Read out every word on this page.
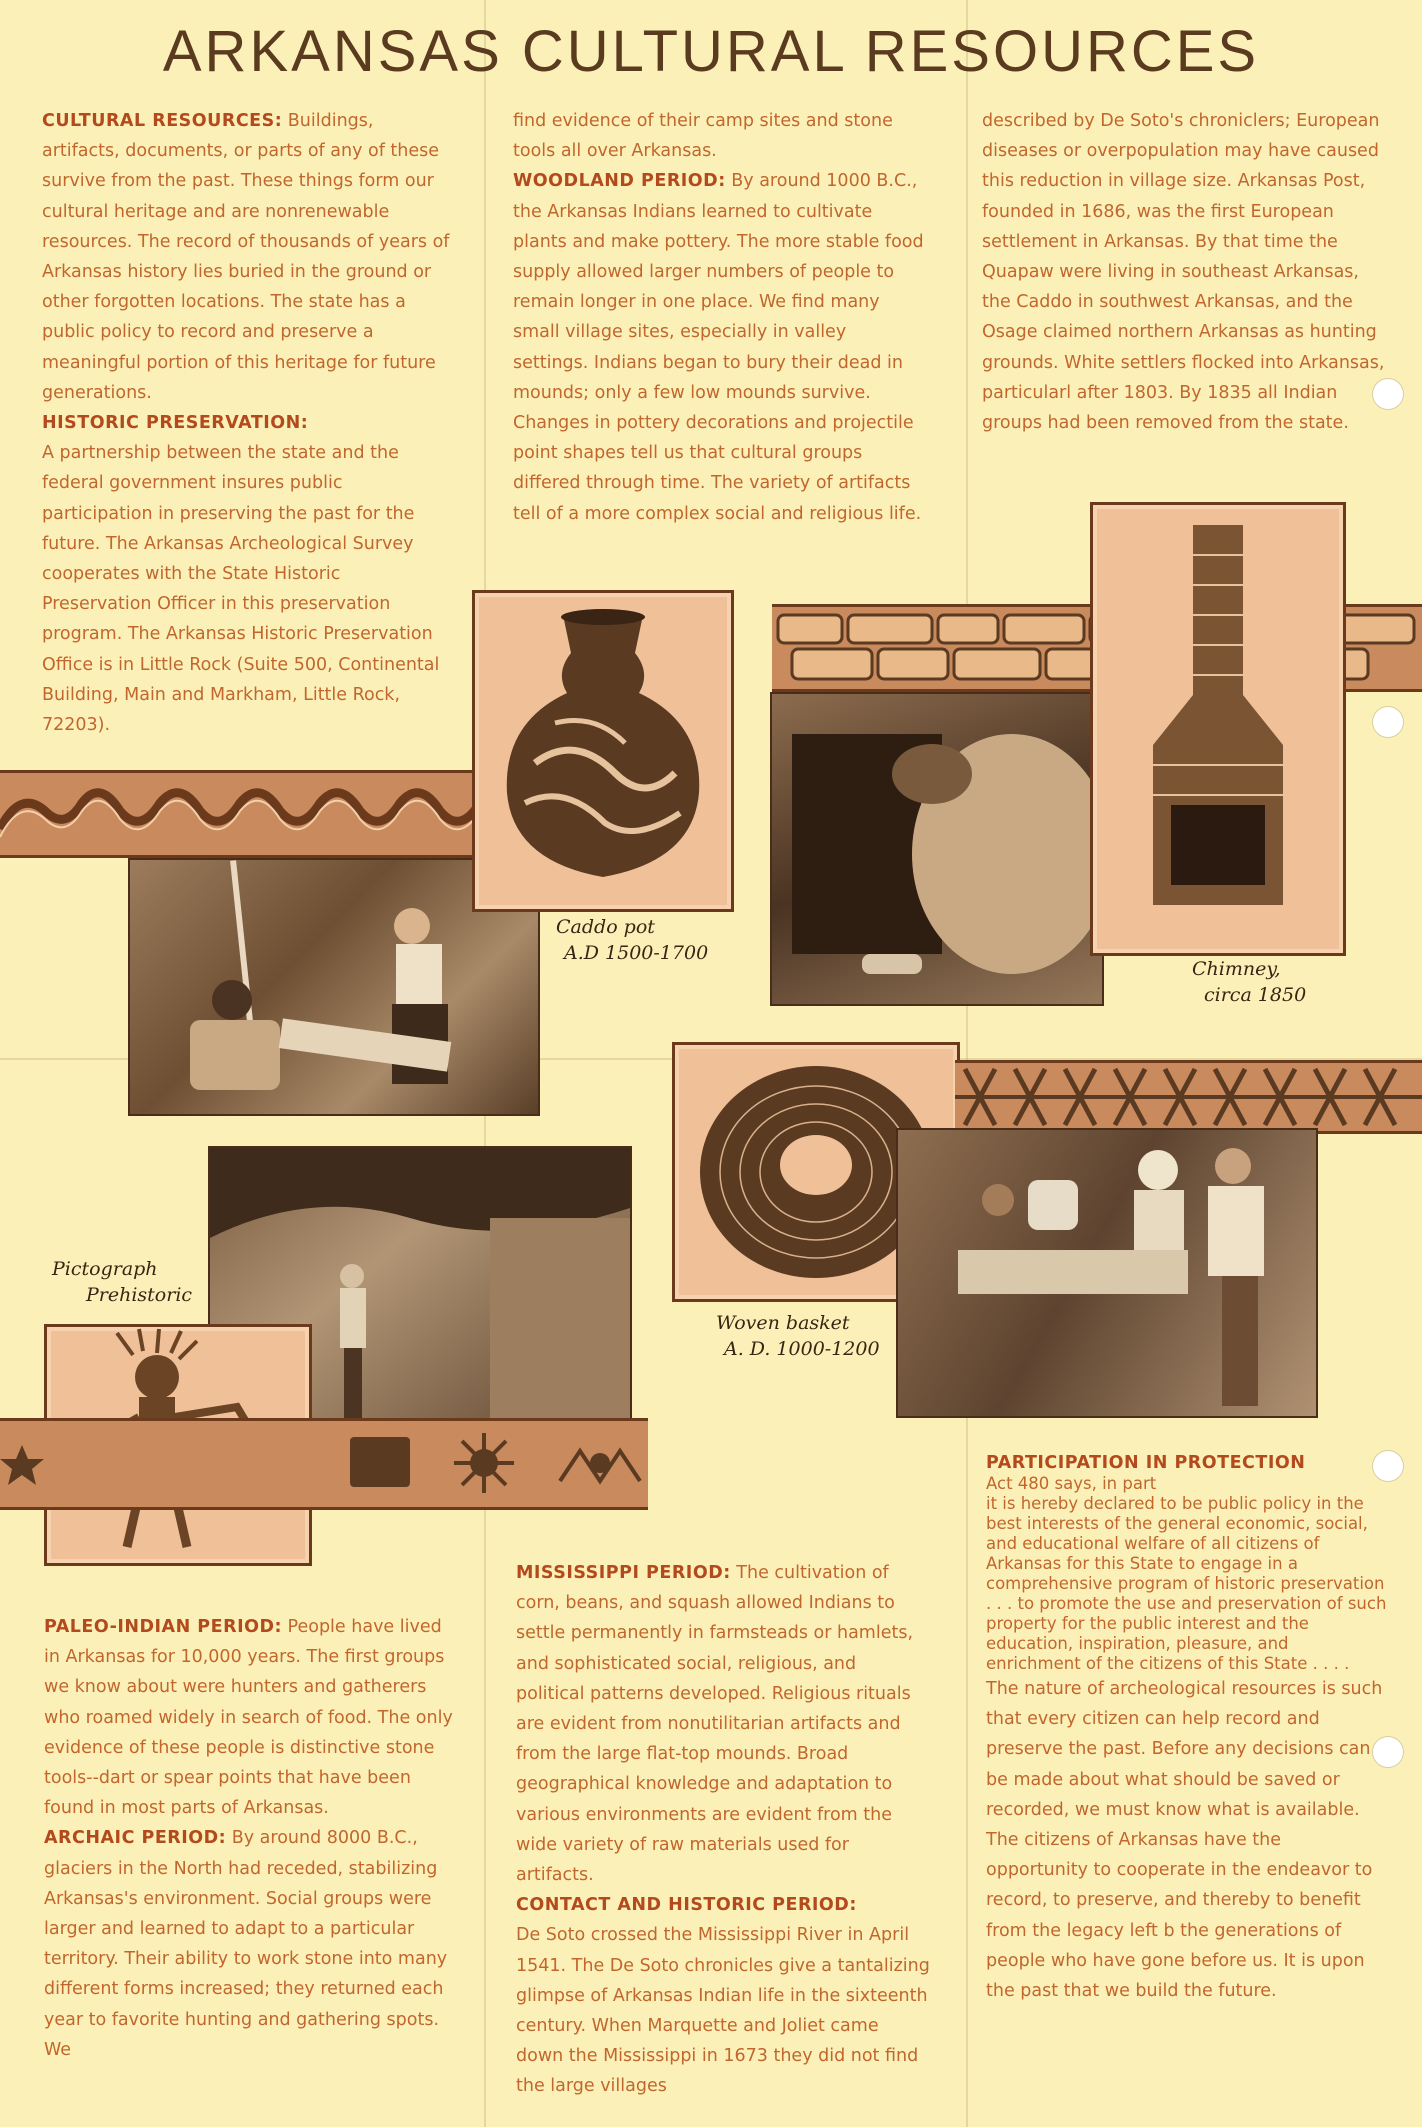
ARKANSAS CULTURAL RESOURCES

CULTURAL RESOURCES: Buildings, artifacts, documents, or parts of any of these survive from the past. These things form our cultural heritage and are nonrenewable resources. The record of thousands of years of Arkansas history lies buried in the ground or other forgotten locations. The state has a public policy to record and preserve a meaningful portion of this heritage for future generations.

HISTORIC PRESERVATION:

A partnership between the state and the federal government insures public participation in preserving the past for the future. The Arkansas Archeological Survey cooperates with the State Historic Preservation Officer in this preservation program. The Arkansas Historic Preservation Office is in Little Rock (Suite 500, Continental Building, Main and Markham, Little Rock, 72203).

find evidence of their camp sites and stone tools all over Arkansas.

WOODLAND PERIOD: By around 1000 B.C., the Arkansas Indians learned to cultivate plants and make pottery. The more stable food supply allowed larger numbers of people to remain longer in one place. We find many small village sites, especially in valley settings. Indians began to bury their dead in mounds; only a few low mounds survive. Changes in pottery decorations and projectile point shapes tell us that cultural groups differed through time. The variety of artifacts tell of a more complex social and religious life.

described by De Soto's chroniclers; European diseases or overpopulation may have caused this reduction in village size. Arkansas Post, founded in 1686, was the first European settlement in Arkansas. By that time the Quapaw were living in southeast Arkansas, the Caddo in southwest Arkansas, and the Osage claimed northern Arkansas as hunting grounds. White settlers flocked into Arkansas, particularl after 1803. By 1835 all Indian groups had been removed from the state.

Caddo pot
A.D 1500-1700
Chimney,
circa 1850
Woven basket
A. D. 1000-1200
Pictograph
Prehistoric

PALEO-INDIAN PERIOD: People have lived in Arkansas for 10,000 years. The first groups we know about were hunters and gatherers who roamed widely in search of food. The only evidence of these people is distinctive stone tools--dart or spear points that have been found in most parts of Arkansas.

ARCHAIC PERIOD: By around 8000 B.C., glaciers in the North had receded, stabilizing Arkansas's environment. Social groups were larger and learned to adapt to a particular territory. Their ability to work stone into many different forms increased; they returned each year to favorite hunting and gathering spots. We

MISSISSIPPI PERIOD: The cultivation of corn, beans, and squash allowed Indians to settle permanently in farmsteads or hamlets, and sophisticated social, religious, and political patterns developed. Religious rituals are evident from nonutilitarian artifacts and from the large flat-top mounds. Broad geographical knowledge and adaptation to various environments are evident from the wide variety of raw materials used for artifacts.

CONTACT AND HISTORIC PERIOD:

De Soto crossed the Mississippi River in April 1541. The De Soto chronicles give a tantalizing glimpse of Arkansas Indian life in the sixteenth century. When Marquette and Joliet came down the Mississippi in 1673 they did not find the large villages

PARTICIPATION IN PROTECTION

Act 480 says, in part

it is hereby declared to be public policy in the best interests of the general economic, social, and educational welfare of all citizens of Arkansas for this State to engage in a comprehensive program of historic preservation . . . to promote the use and preservation of such property for the public interest and the education, inspiration, pleasure, and enrichment of the citizens of this State . . . .

The nature of archeological resources is such that every citizen can help record and preserve the past. Before any decisions can be made about what should be saved or recorded, we must know what is available. The citizens of Arkansas have the opportunity to cooperate in the endeavor to record, to preserve, and thereby to benefit from the legacy left b the generations of people who have gone before us. It is upon the past that we build the future.
